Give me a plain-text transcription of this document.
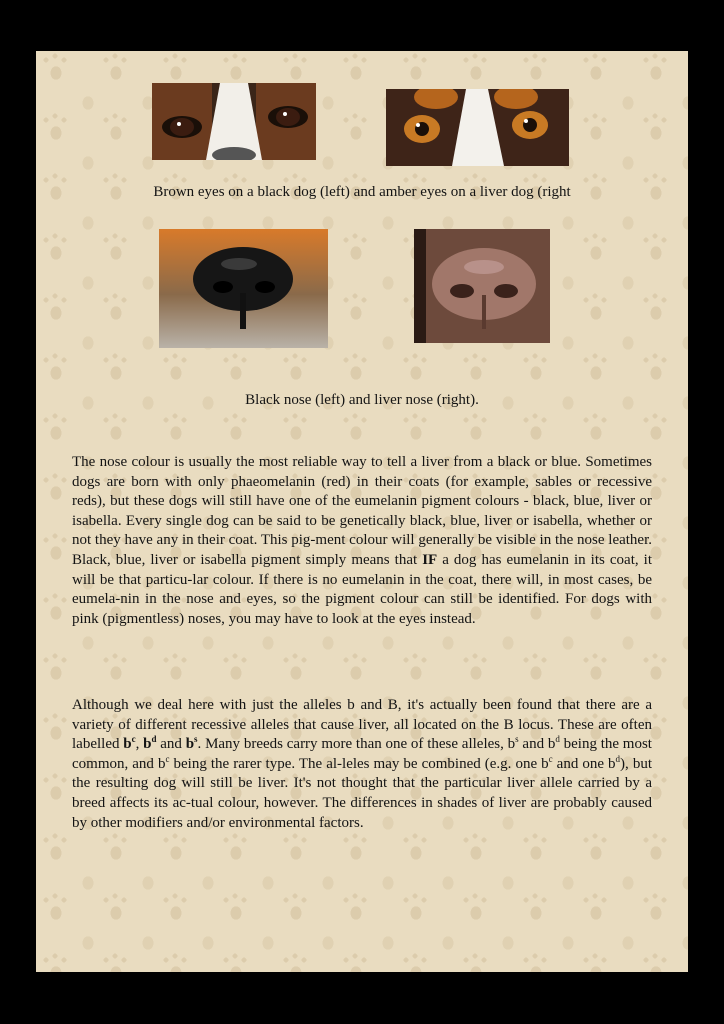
Brown eyes on a black dog (left) and amber eyes on a liver dog (right
Black nose (left) and liver nose (right).

The nose colour is usually the most reliable way to tell a liver from a black or blue. Sometimes dogs are born with only phaeomelanin (red) in their coats (for example, sables or recessive reds), but these dogs will still have one of the eumelanin pigment colours - black, blue, liver or isabella. Every single dog can be said to be genetically black, blue, liver or isabella, whether or not they have any in their coat. This pig-ment colour will generally be visible in the nose leather. Black, blue, liver or isabella pigment simply means that IF a dog has eumelanin in its coat, it will be that particu-lar colour. If there is no eumelanin in the coat, there will, in most cases, be eumela-nin in the nose and eyes, so the pigment colour can still be identified. For dogs with pink (pigmentless) noses, you may have to look at the eyes instead.

Although we deal here with just the alleles b and B, it's actually been found that there are a variety of different recessive alleles that cause liver, all located on the B locus. These are often labelled $b^c$, $b^d$ and $b^s$. Many breeds carry more than one of these alleles, $b^s$ and $b^d$ being the most common, and $b^c$ being the rarer type. The al-leles may be combined (e.g. one $b^c$ and one $b^d$), but the resulting dog will still be liver. It's not thought that the particular liver allele carried by a breed affects its ac-tual colour, however. The differences in shades of liver are probably caused by other modifiers and/or environmental factors.
